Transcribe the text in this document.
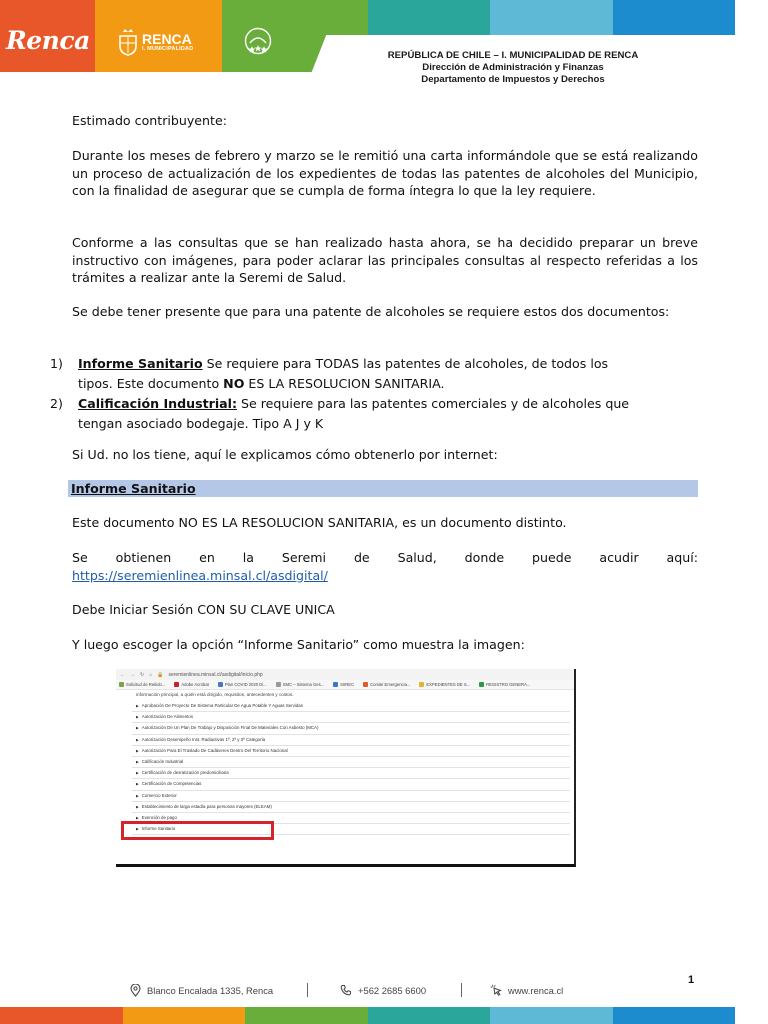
Renca	RENCA
I. MUNICIPALIDAD
REPÚBLICA DE CHILE – I. MUNICIPALIDAD DE RENCA
Dirección de Administración y Finanzas
Departamento de Impuestos y Derechos
Estimado contribuyente:
Durante los meses de febrero y marzo se le remitió una carta informándole que se está realizando un proceso de actualización de los expedientes de todas las patentes de alcoholes del Municipio, con la finalidad de asegurar que se cumpla de forma íntegra lo que la ley requiere.
Conforme a las consultas que se han realizado hasta ahora, se ha decidido preparar un breve instructivo con imágenes, para poder aclarar las principales consultas al respecto referidas a los trámites a realizar ante la Seremi de Salud.
Se debe tener presente que para una patente de alcoholes se requiere estos dos documentos:
1) Informe Sanitario Se requiere para TODAS las patentes de alcoholes, de todos los
tipos. Este documento NO ES LA RESOLUCION SANITARIA.
2) Calificación Industrial: Se requiere para las patentes comerciales y de alcoholes que
tengan asociado bodegaje. Tipo A J y K
Si Ud. no los tiene, aquí le explicamos cómo obtenerlo por internet:
Informe Sanitario
Este documento NO ES LA RESOLUCION SANITARIA, es un documento distinto.
Se obtienen en la Seremi de Salud, donde puede acudir aquí:
https://seremienlinea.minsal.cl/asdigital/
Debe Iniciar Sesión CON SU CLAVE UNICA
Y luego escoger la opción “Informe Sanitario” como muestra la imagen:
← → ↻ ⌂ 🔒 seremienlinea.minsal.cl/asdigital/inicio.php
Solicitud de Retiido...	Adobe Acrobat	Plan COVID 2020 Di...	SMC – Sistema Ges...	SIIREC	Comité Emergencia...	EXPEDIENTES DE S...	REGISTRO GENERA...
información principal, a quién está dirigido, requisitos, antecedentes y costos.
▶ Aprobación De Proyecto De Sistema Particular De Agua Potable Y Aguas Servidas
▶ Autorización De Alimentos
▶ Autorización De Un Plan De Trabajo y Disposición Final De Materiales Con Asbesto (MCA)
▶ Autorización Desempeño Inst. Radiactivas 1ª, 2ª y 3ª Categoría
▶ Autorización Para El Traslado De Cadáveres Dentro Del Territorio Nacional
▶ Calificación Industrial
▶ Certificación de desratización predomiciliaria
▶ Certificación de Competencias
▶ Comercio Exterior
▶ Establecimiento de larga estadía para personas mayores (ELEAM)
▶ Exención de pago
▶ Informe Sanitario
1
Blanco Encalada 1335, Renca	+562 2685 6600	www.renca.cl
